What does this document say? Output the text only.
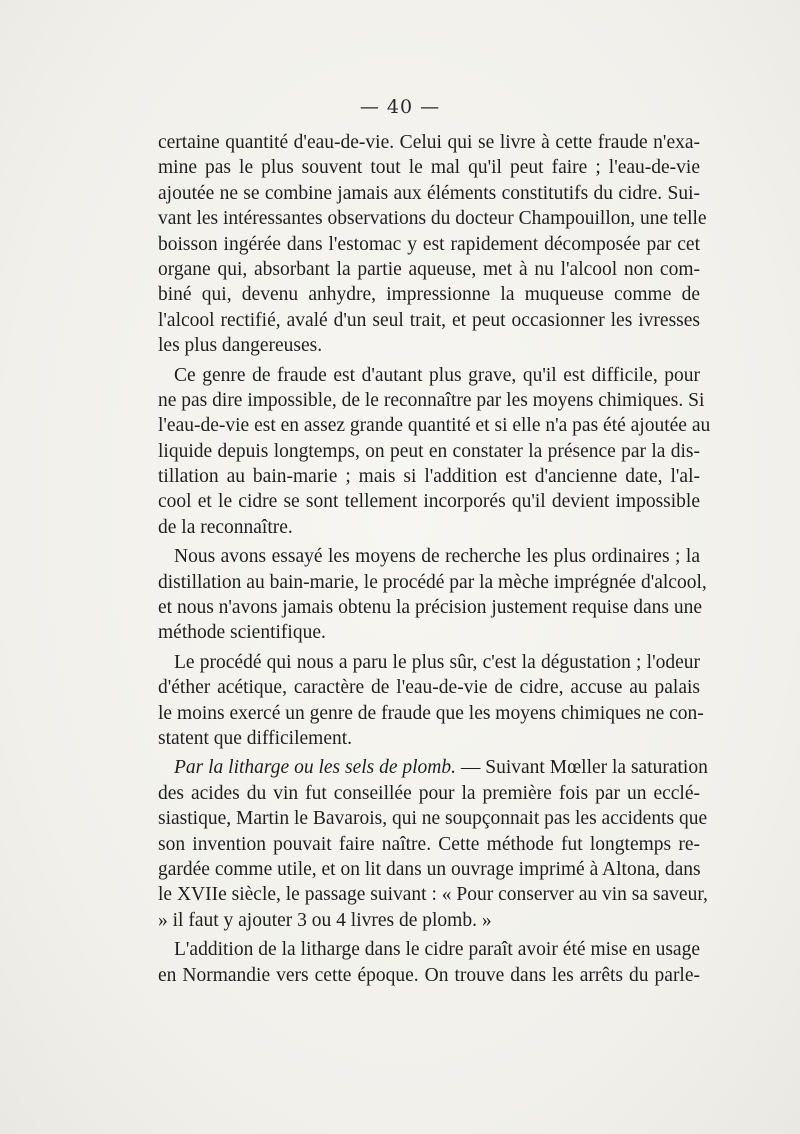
— 40 —
certaine quantité d'eau-de-vie. Celui qui se livre à cette fraude n'exa-
mine pas le plus souvent tout le mal qu'il peut faire ; l'eau-de-vie
ajoutée ne se combine jamais aux éléments constitutifs du cidre. Sui-
vant les intéressantes observations du docteur Champouillon, une telle
boisson ingérée dans l'estomac y est rapidement décomposée par cet
organe qui, absorbant la partie aqueuse, met à nu l'alcool non com-
biné qui, devenu anhydre, impressionne la muqueuse comme de
l'alcool rectifié, avalé d'un seul trait, et peut occasionner les ivresses
les plus dangereuses.
Ce genre de fraude est d'autant plus grave, qu'il est difficile, pour
ne pas dire impossible, de le reconnaître par les moyens chimiques. Si
l'eau-de-vie est en assez grande quantité et si elle n'a pas été ajoutée au
liquide depuis longtemps, on peut en constater la présence par la dis-
tillation au bain-marie ; mais si l'addition est d'ancienne date, l'al-
cool et le cidre se sont tellement incorporés qu'il devient impossible
de la reconnaître.
Nous avons essayé les moyens de recherche les plus ordinaires ; la
distillation au bain-marie, le procédé par la mèche imprégnée d'alcool,
et nous n'avons jamais obtenu la précision justement requise dans une
méthode scientifique.
Le procédé qui nous a paru le plus sûr, c'est la dégustation ; l'odeur
d'éther acétique, caractère de l'eau-de-vie de cidre, accuse au palais
le moins exercé un genre de fraude que les moyens chimiques ne con-
statent que difficilement.
Par la litharge ou les sels de plomb. — Suivant Mœller la saturation
des acides du vin fut conseillée pour la première fois par un ecclé-
siastique, Martin le Bavarois, qui ne soupçonnait pas les accidents que
son invention pouvait faire naître. Cette méthode fut longtemps re-
gardée comme utile, et on lit dans un ouvrage imprimé à Altona, dans
le XVIIe siècle, le passage suivant : « Pour conserver au vin sa saveur,
» il faut y ajouter 3 ou 4 livres de plomb. »
L'addition de la litharge dans le cidre paraît avoir été mise en usage
en Normandie vers cette époque. On trouve dans les arrêts du parle-
